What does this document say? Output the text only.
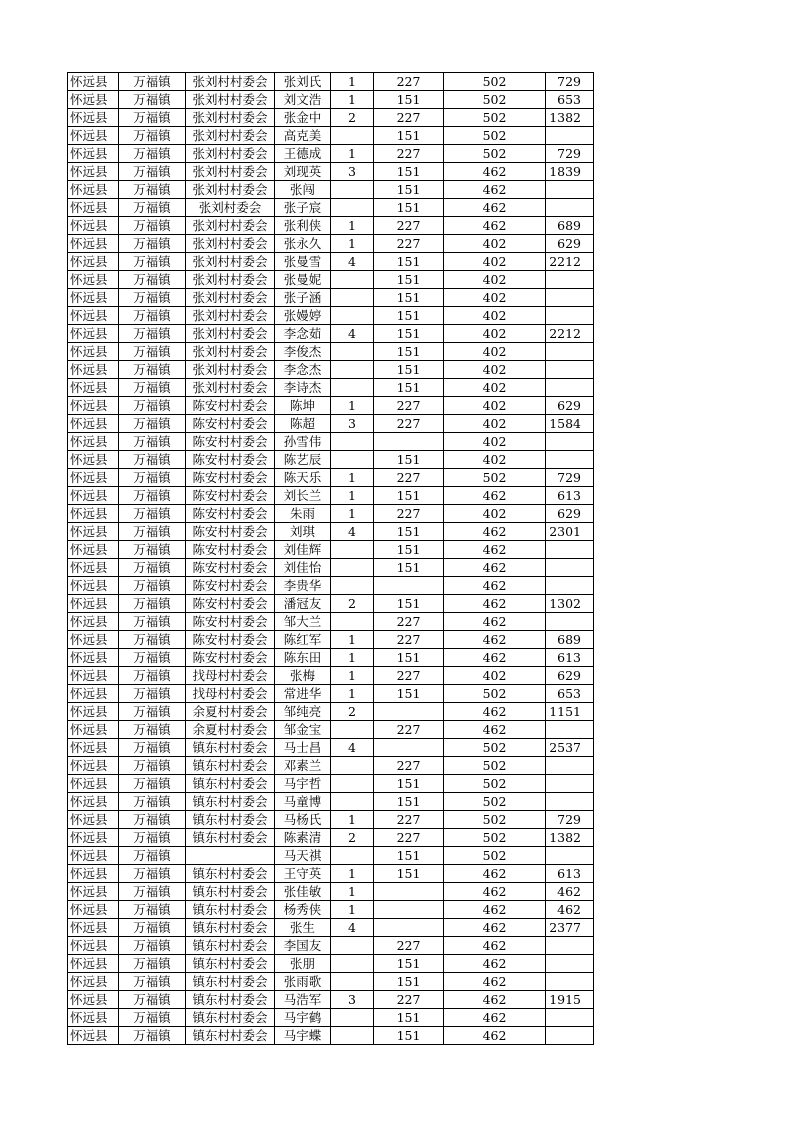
怀远县	万福镇	张刘村村委会	张刘氏	1	227	502	729
怀远县	万福镇	张刘村村委会	刘文浩	1	151	502	653
怀远县	万福镇	张刘村村委会	张金中	2	227	502	1382
怀远县	万福镇	张刘村村委会	高克美		151	502	
怀远县	万福镇	张刘村村委会	王德成	1	227	502	729
怀远县	万福镇	张刘村村委会	刘现英	3	151	462	1839
怀远县	万福镇	张刘村村委会	张闯		151	462	
怀远县	万福镇	张刘村委会	张子宸		151	462	
怀远县	万福镇	张刘村村委会	张利侠	1	227	462	689
怀远县	万福镇	张刘村村委会	张永久	1	227	402	629
怀远县	万福镇	张刘村村委会	张曼雪	4	151	402	2212
怀远县	万福镇	张刘村村委会	张曼妮		151	402	
怀远县	万福镇	张刘村村委会	张子涵		151	402	
怀远县	万福镇	张刘村村委会	张嫚婷		151	402	
怀远县	万福镇	张刘村村委会	李念茹	4	151	402	2212
怀远县	万福镇	张刘村村委会	李俊杰		151	402	
怀远县	万福镇	张刘村村委会	李念杰		151	402	
怀远县	万福镇	张刘村村委会	李诗杰		151	402	
怀远县	万福镇	陈安村村委会	陈坤	1	227	402	629
怀远县	万福镇	陈安村村委会	陈超	3	227	402	1584
怀远县	万福镇	陈安村村委会	孙雪伟			402	
怀远县	万福镇	陈安村村委会	陈艺辰		151	402	
怀远县	万福镇	陈安村村委会	陈天乐	1	227	502	729
怀远县	万福镇	陈安村村委会	刘长兰	1	151	462	613
怀远县	万福镇	陈安村村委会	朱雨	1	227	402	629
怀远县	万福镇	陈安村村委会	刘琪	4	151	462	2301
怀远县	万福镇	陈安村村委会	刘佳辉		151	462	
怀远县	万福镇	陈安村村委会	刘佳怡		151	462	
怀远县	万福镇	陈安村村委会	李贵华			462	
怀远县	万福镇	陈安村村委会	潘冠友	2	151	462	1302
怀远县	万福镇	陈安村村委会	邹大兰		227	462	
怀远县	万福镇	陈安村村委会	陈红军	1	227	462	689
怀远县	万福镇	陈安村村委会	陈东田	1	151	462	613
怀远县	万福镇	找母村村委会	张梅	1	227	402	629
怀远县	万福镇	找母村村委会	常进华	1	151	502	653
怀远县	万福镇	余夏村村委会	邹纯亮	2		462	1151
怀远县	万福镇	余夏村村委会	邹金宝		227	462	
怀远县	万福镇	镇东村村委会	马士昌	4		502	2537
怀远县	万福镇	镇东村村委会	邓素兰		227	502	
怀远县	万福镇	镇东村村委会	马宇哲		151	502	
怀远县	万福镇	镇东村村委会	马童博		151	502	
怀远县	万福镇	镇东村村委会	马杨氏	1	227	502	729
怀远县	万福镇	镇东村村委会	陈素清	2	227	502	1382
怀远县	万福镇		马天祺		151	502	
怀远县	万福镇	镇东村村委会	王守英	1	151	462	613
怀远县	万福镇	镇东村村委会	张佳敏	1		462	462
怀远县	万福镇	镇东村村委会	杨秀侠	1		462	462
怀远县	万福镇	镇东村村委会	张生	4		462	2377
怀远县	万福镇	镇东村村委会	李国友		227	462	
怀远县	万福镇	镇东村村委会	张朋		151	462	
怀远县	万福镇	镇东村村委会	张雨歌		151	462	
怀远县	万福镇	镇东村村委会	马浩军	3	227	462	1915
怀远县	万福镇	镇东村村委会	马宇鹤		151	462	
怀远县	万福镇	镇东村村委会	马宇蝶		151	462	
